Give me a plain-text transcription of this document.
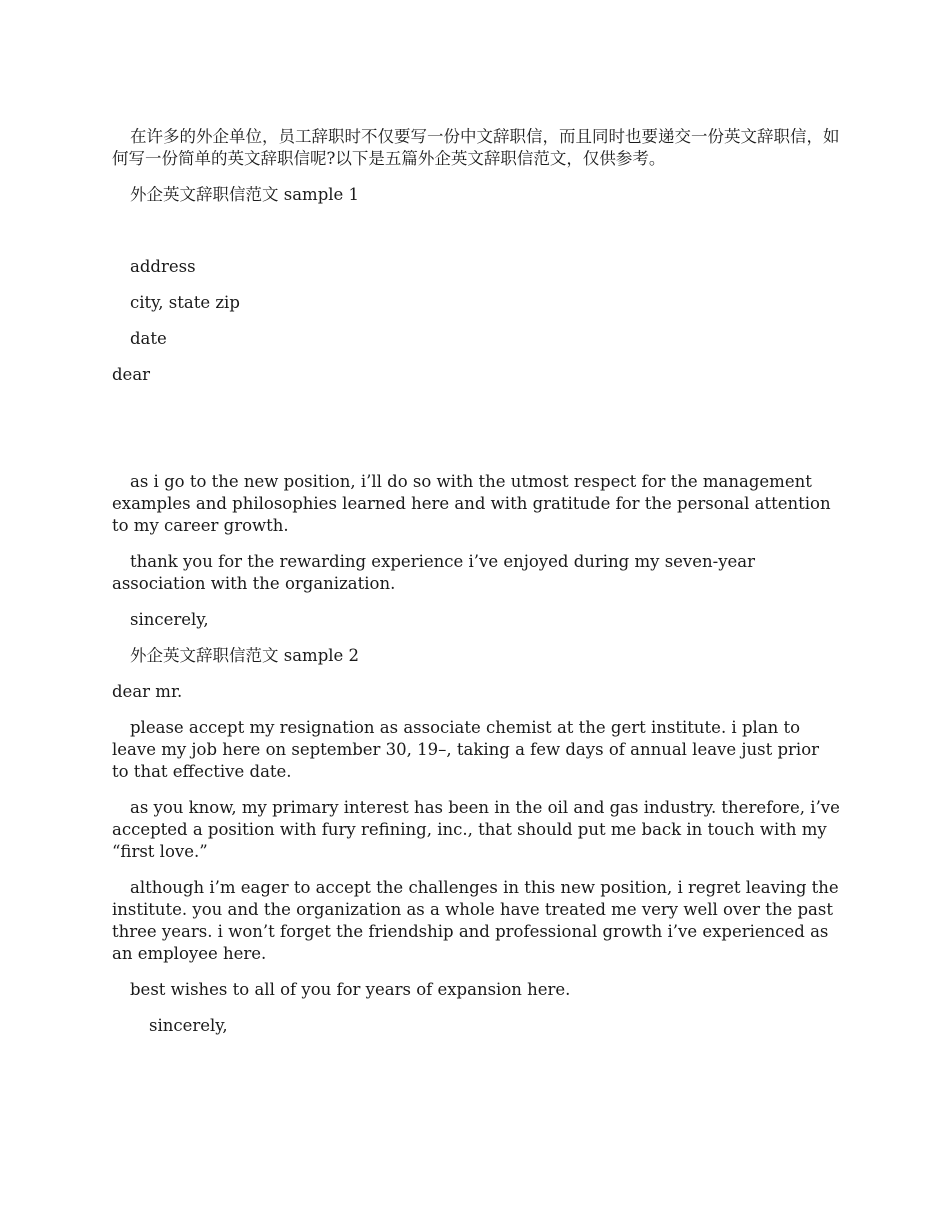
在许多的外企单位，员工辞职时不仅要写一份中文辞职信，而且同时也要递交一份英文辞职信，如何写一份简单的英文辞职信呢?以下是五篇外企英文辞职信范文，仅供参考。

外企英文辞职信范文 sample 1

address

city, state zip

date

dear

as i go to the new position, i’ll do so with the utmost respect for the management examples and philosophies learned here and with gratitude for the personal attention to my career growth.

thank you for the rewarding experience i’ve enjoyed during my seven-year association with the organization.

sincerely,

外企英文辞职信范文 sample 2

dear mr.

please accept my resignation as associate chemist at the gert institute. i plan to leave my job here on september 30, 19–, taking a few days of annual leave just prior to that effective date.

as you know, my primary interest has been in the oil and gas industry. therefore, i’ve accepted a position with fury refining, inc., that should put me back in touch with my “first love.”

although i’m eager to accept the challenges in this new position, i regret leaving the institute. you and the organization as a whole have treated me very well over the past three years. i won’t forget the friendship and professional growth i’ve experienced as an employee here.

best wishes to all of you for years of expansion here.

sincerely,
